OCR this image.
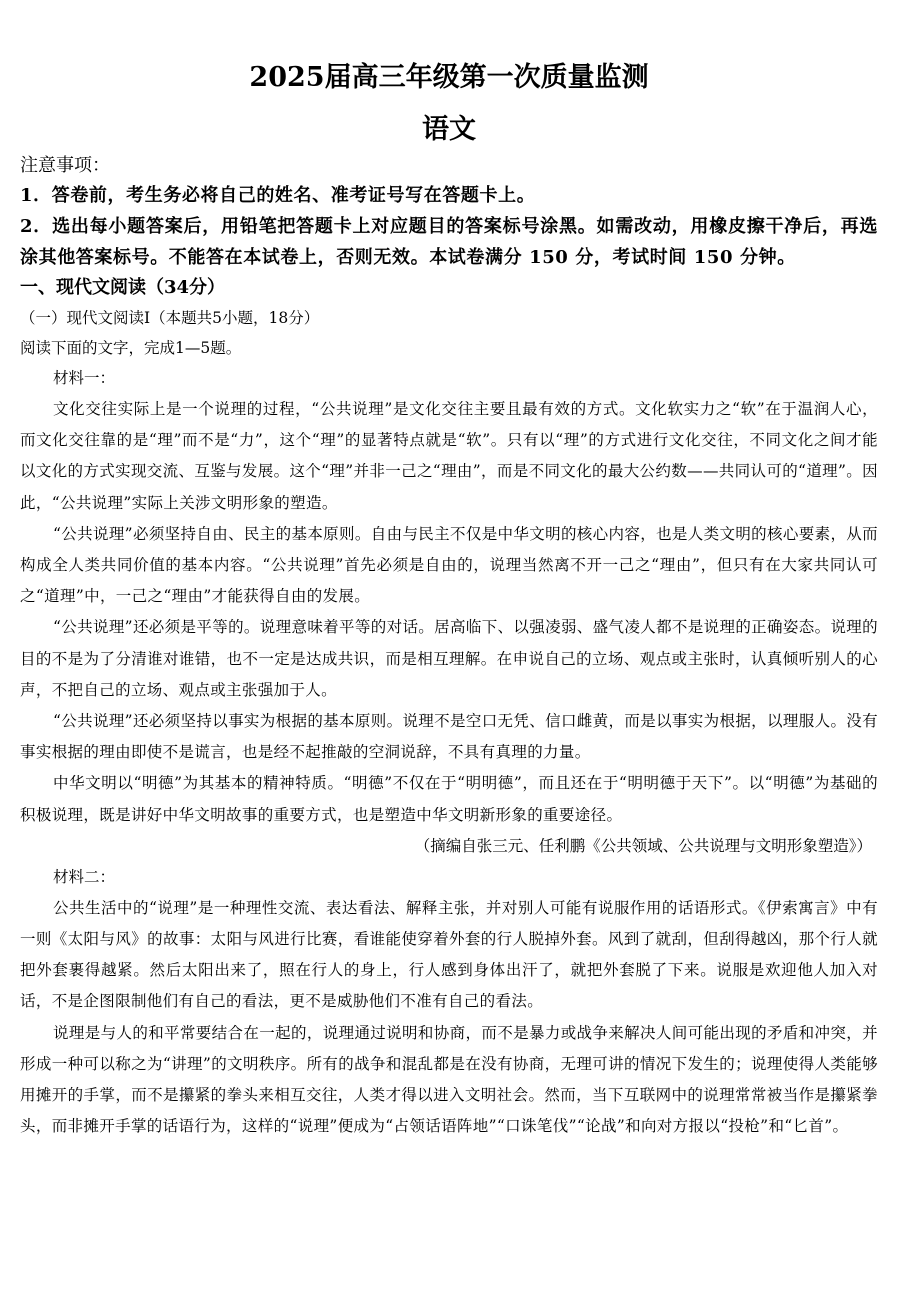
2025届高三年级第一次质量监测
语文
注意事项：
1．答卷前，考生务必将自己的姓名、准考证号写在答题卡上。
2．选出每小题答案后，用铅笔把答题卡上对应题目的答案标号涂黑。如需改动，用橡皮擦干净后，再选涂其他答案标号。不能答在本试卷上，否则无效。本试卷满分 150 分，考试时间 150 分钟。
一、现代文阅读（34分）
（一）现代文阅读Ⅰ（本题共5小题，18分）
阅读下面的文字，完成1—5题。
材料一：

文化交往实际上是一个说理的过程，“公共说理”是文化交往主要且最有效的方式。文化软实力之“软”在于温润人心，而文化交往靠的是“理”而不是“力”，这个“理”的显著特点就是“软”。只有以“理”的方式进行文化交往，不同文化之间才能以文化的方式实现交流、互鉴与发展。这个“理”并非一己之“理由”，而是不同文化的最大公约数——共同认可的“道理”。因此，“公共说理”实际上关涉文明形象的塑造。

“公共说理”必须坚持自由、民主的基本原则。自由与民主不仅是中华文明的核心内容，也是人类文明的核心要素，从而构成全人类共同价值的基本内容。“公共说理”首先必须是自由的，说理当然离不开一己之“理由”，但只有在大家共同认可之“道理”中，一己之“理由”才能获得自由的发展。

“公共说理”还必须是平等的。说理意味着平等的对话。居高临下、以强凌弱、盛气凌人都不是说理的正确姿态。说理的目的不是为了分清谁对谁错，也不一定是达成共识，而是相互理解。在申说自己的立场、观点或主张时，认真倾听别人的心声，不把自己的立场、观点或主张强加于人。

“公共说理”还必须坚持以事实为根据的基本原则。说理不是空口无凭、信口雌黄，而是以事实为根据，以理服人。没有事实根据的理由即使不是谎言，也是经不起推敲的空洞说辞，不具有真理的力量。

中华文明以“明德”为其基本的精神特质。“明德”不仅在于“明明德”，而且还在于“明明德于天下”。以“明德”为基础的积极说理，既是讲好中华文明故事的重要方式，也是塑造中华文明新形象的重要途径。

（摘编自张三元、任利鹏《公共领域、公共说理与文明形象塑造》）
材料二：

公共生活中的“说理”是一种理性交流、表达看法、解释主张，并对别人可能有说服作用的话语形式。《伊索寓言》中有一则《太阳与风》的故事：太阳与风进行比赛，看谁能使穿着外套的行人脱掉外套。风到了就刮，但刮得越凶，那个行人就把外套裹得越紧。然后太阳出来了，照在行人的身上，行人感到身体出汗了，就把外套脱了下来。说服是欢迎他人加入对话，不是企图限制他们有自己的看法，更不是威胁他们不准有自己的看法。

说理是与人的和平常要结合在一起的，说理通过说明和协商，而不是暴力或战争来解决人间可能出现的矛盾和冲突，并形成一种可以称之为“讲理”的文明秩序。所有的战争和混乱都是在没有协商，无理可讲的情况下发生的；说理使得人类能够用摊开的手掌，而不是攥紧的拳头来相互交往，人类才得以进入文明社会。然而，当下互联网中的说理常常被当作是攥紧拳头，而非摊开手掌的话语行为，这样的“说理”便成为“占领话语阵地”“口诛笔伐”“论战”和向对方报以“投枪”和“匕首”。
